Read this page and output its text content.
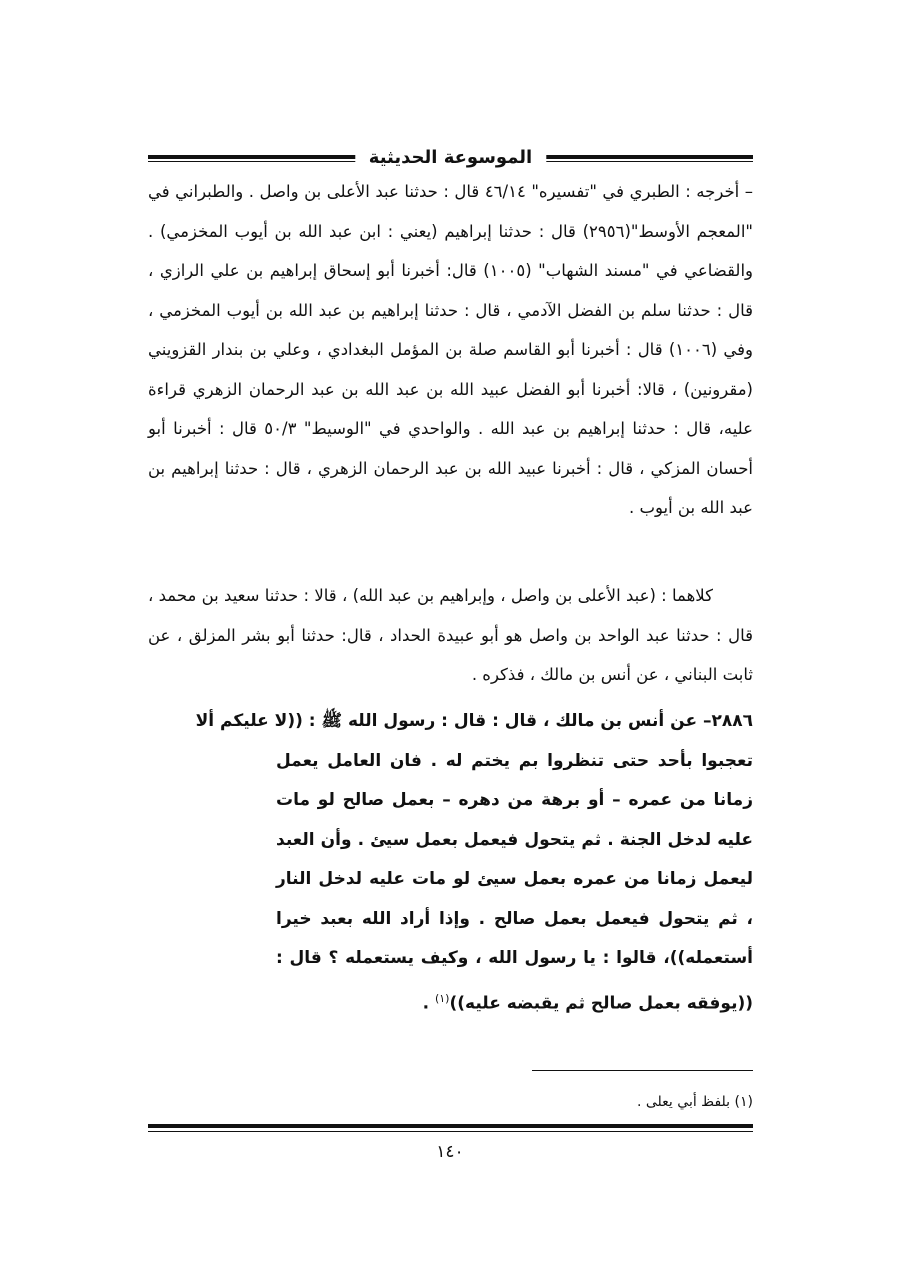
الموسوعة الحديثية

– أخرجه : الطبري في "تفسيره" ٤٦/١٤ قال : حدثنا عبد الأعلى بن واصل . والطبراني في "المعجم الأوسط"(٢٩٥٦) قال : حدثنا إبراهيم (يعني : ابن عبد الله بن أيوب المخزمي) . والقضاعي في "مسند الشهاب" (١٠٠٥) قال: أخبرنا أبو إسحاق إبراهيم بن علي الرازي ، قال : حدثنا سلم بن الفضل الآدمي ، قال : حدثنا إبراهيم بن عبد الله بن أيوب المخزمي ، وفي (١٠٠٦) قال : أخبرنا أبو القاسم صلة بن المؤمل البغدادي ، وعلي بن بندار القزويني (مقرونين) ، قالا: أخبرنا أبو الفضل عبيد الله بن عبد الله بن عبد الرحمان الزهري قراءة عليه، قال : حدثنا إبراهيم بن عبد الله . والواحدي في "الوسيط" ٥٠/٣ قال : أخبرنا أبو أحسان المزكي ، قال : أخبرنا عبيد الله بن عبد الرحمان الزهري ، قال : حدثنا إبراهيم بن عبد الله بن أيوب .

كلاهما : (عبد الأعلى بن واصل ، وإبراهيم بن عبد الله) ، قالا : حدثنا سعيد بن محمد ، قال : حدثنا عبد الواحد بن واصل هو أبو عبيدة الحداد ، قال: حدثنا أبو بشر المزلق ، عن ثابت البناني ، عن أنس بن مالك ، فذكره .

٢٨٨٦– عن أنس بن مالك ، قال : قال : رسول الله ﷺ : ((لا عليكم ألا

تعجبوا بأحد حتى تنظروا بم يختم له . فان العامل يعمل زمانا من عمره – أو برهة من دهره – بعمل صالح لو مات عليه لدخل الجنة . ثم يتحول فيعمل بعمل سيئ . وأن العبد ليعمل زمانا من عمره بعمل سيئ لو مات عليه لدخل النار ، ثم يتحول فيعمل بعمل صالح . وإذا أراد الله بعبد خيرا أستعمله))، قالوا : يا رسول الله ، وكيف يستعمله ؟ قال : ((يوفقه بعمل صالح ثم يقبضه عليه))$^{(١)}$ .

(١) بلفظ أبي يعلى .
١٤٠
